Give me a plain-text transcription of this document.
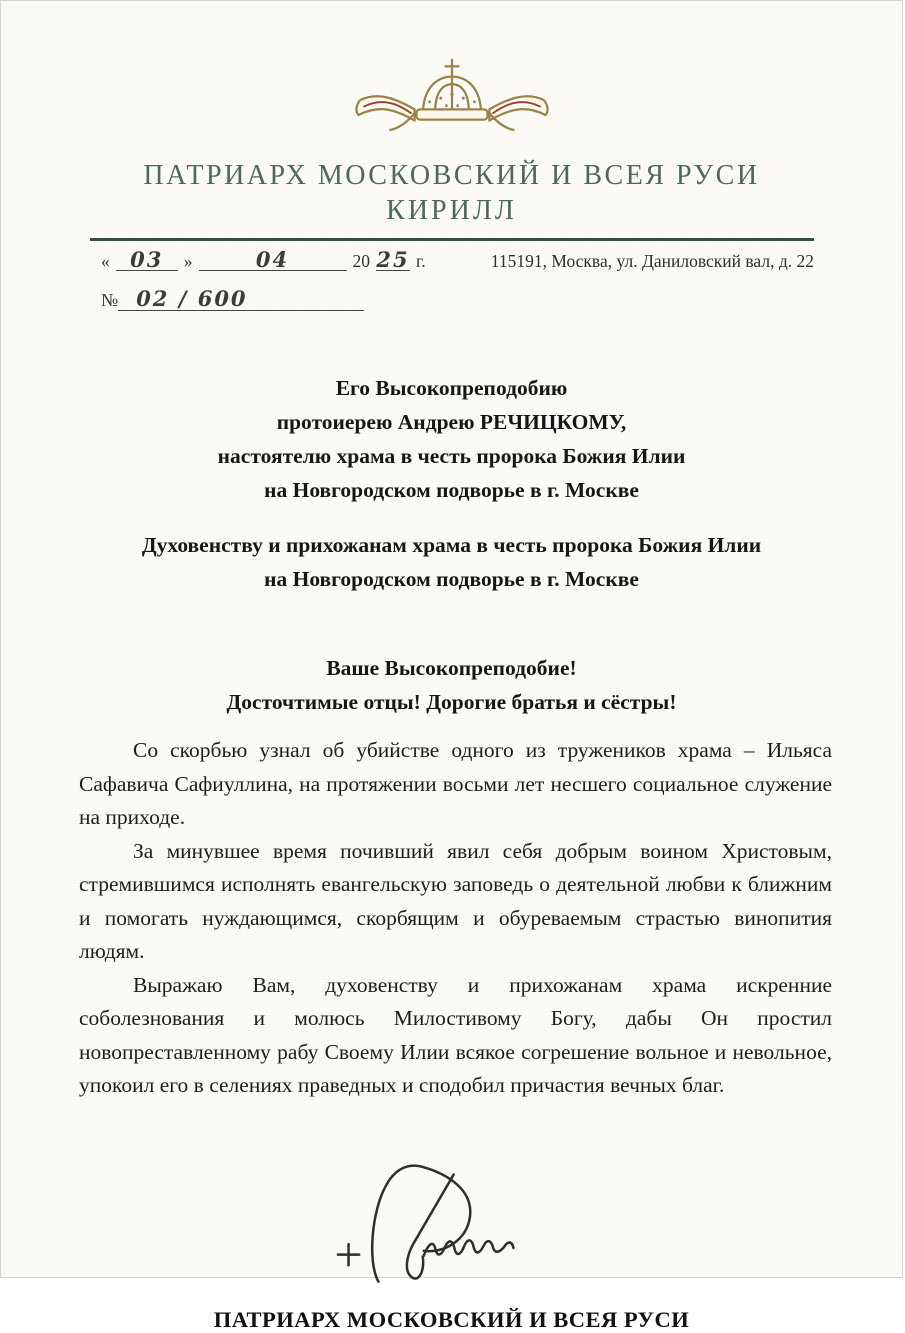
ПАТРИАРХ МОСКОВСКИЙ И ВСЕЯ РУСИ
КИРИЛЛ
« 03	»	04	20 25 г.	115191, Москва, ул. Даниловский вал, д. 22
№ 02 / 600
Его Высокопреподобию
протоиерею Андрею РЕЧИЦКОМУ,
настоятелю храма в честь пророка Божия Илии
на Новгородском подворье в г. Москве
Духовенству и прихожанам храма в честь пророка Божия Илии
на Новгородском подворье в г. Москве
Ваше Высокопреподобие!
Досточтимые отцы! Дорогие братья и сёстры!

Со скорбью узнал об убийстве одного из тружеников храма – Ильяса Сафавича Сафиуллина, на протяжении восьми лет несшего социальное служение на приходе.

За минувшее время почивший явил себя добрым воином Христовым, стремившимся исполнять евангельскую заповедь о деятельной любви к ближним и помогать нуждающимся, скорбящим и обуреваемым страстью винопития людям.

Выражаю Вам, духовенству и прихожанам храма искренние соболезнования и молюсь Милостивому Богу, дабы Он простил новопреставленному рабу Своему Илии всякое согрешение вольное и невольное, упокоил его в селениях праведных и сподобил причастия вечных благ.

ПАТРИАРХ МОСКОВСКИЙ И ВСЕЯ РУСИ
